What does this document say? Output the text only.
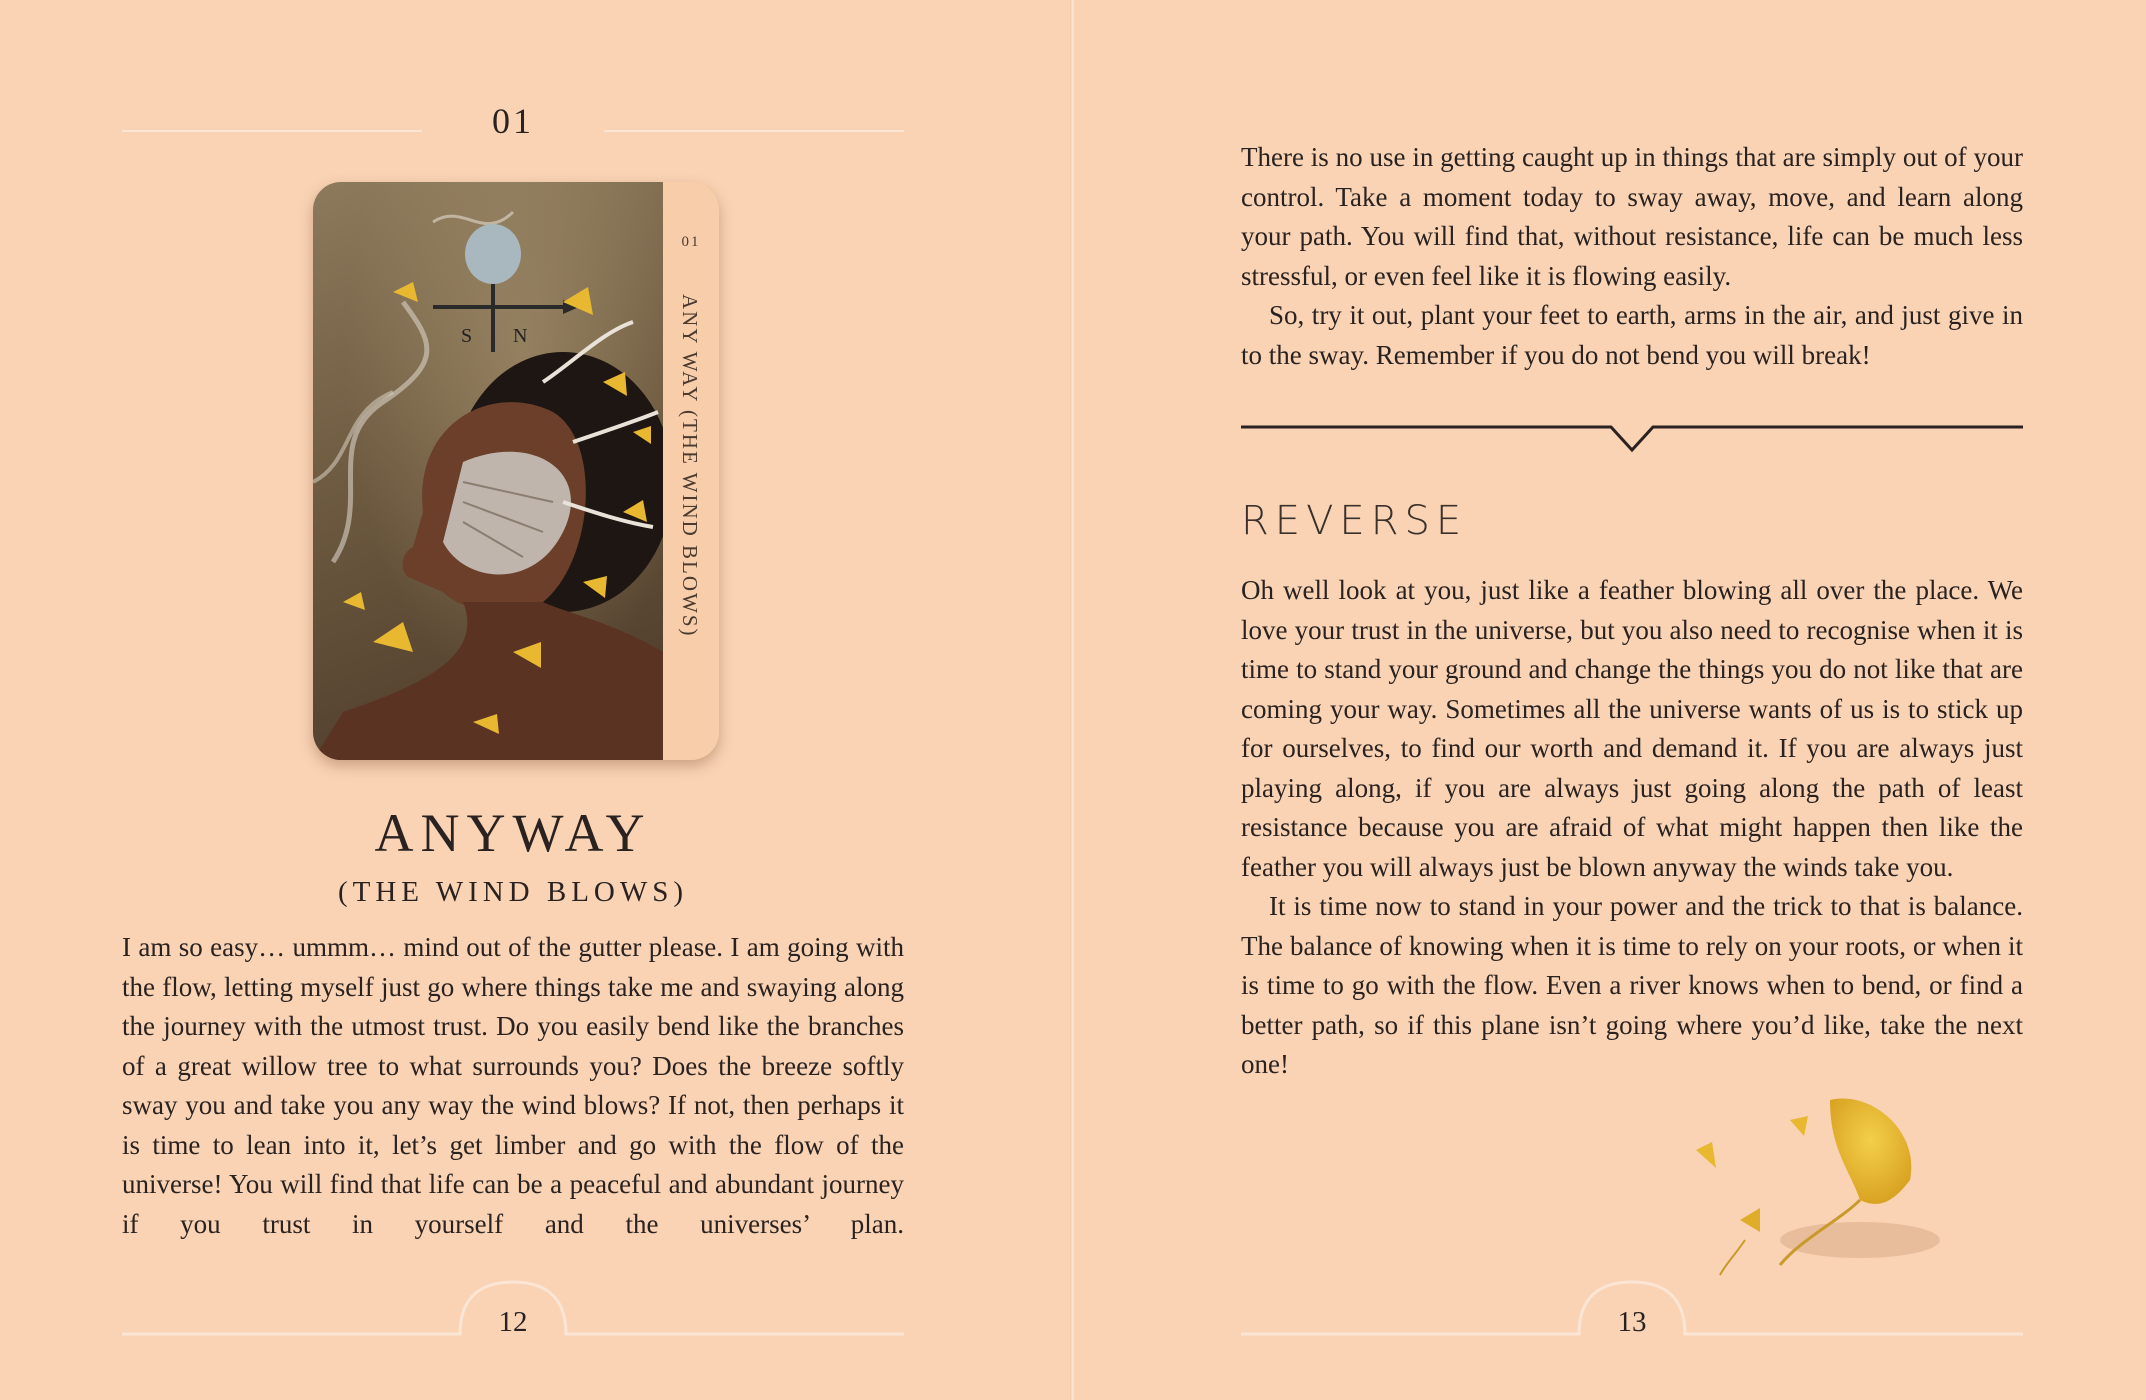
01
S N
01
ANY WAY (THE WIND BLOWS)
ANYWAY
(THE WIND BLOWS)

I am so easy… ummm… mind out of the gutter please. I am going with the flow, letting myself just go where things take me and swaying along the journey with the utmost trust. Do you easily bend like the branches of a great willow tree to what surrounds you? Does the breeze softly sway you and take you any way the wind blows? If not, then perhaps it is time to lean into it, let’s get limber and go with the flow of the universe! You will find that life can be a peaceful and abundant journey if you trust in yourself and the universes’ plan.

12

There is no use in getting caught up in things that are simply out of your control. Take a moment today to sway away, move, and learn along your path. You will find that, without resistance, life can be much less stressful, or even feel like it is flowing easily.

So, try it out, plant your feet to earth, arms in the air, and just give in to the sway. Remember if you do not bend you will break!

REVERSE

Oh well look at you, just like a feather blowing all over the place. We love your trust in the universe, but you also need to recognise when it is time to stand your ground and change the things you do not like that are coming your way. Sometimes all the universe wants of us is to stick up for ourselves, to find our worth and demand it. If you are always just playing along, if you are always just going along the path of least resistance because you are afraid of what might happen then like the feather you will always just be blown anyway the winds take you.

It is time now to stand in your power and the trick to that is balance. The balance of knowing when it is time to rely on your roots, or when it is time to go with the flow. Even a river knows when to bend, or find a better path, so if this plane isn’t going where you’d like, take the next one!

13
